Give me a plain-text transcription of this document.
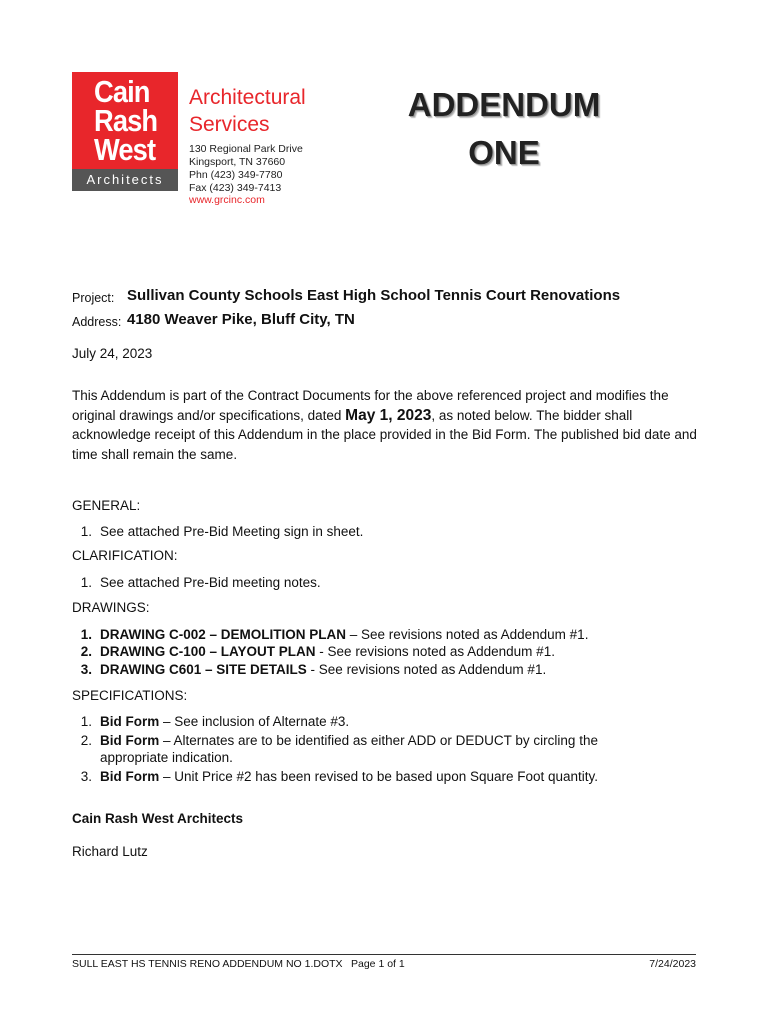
Cain
Rash
West
Architects
Architectural
Services
130 Regional Park Drive
Kingsport, TN 37660
Phn (423) 349-7780
Fax (423) 349-7413
www.grcinc.com
ADDENDUM
ONE
Project: Sullivan County Schools East High School Tennis Court Renovations
Address: 4180 Weaver Pike, Bluff City, TN
July 24, 2023
This Addendum is part of the Contract Documents for the above referenced project and modifies the original drawings and/or specifications, dated May 1, 2023, as noted below. The bidder shall acknowledge receipt of this Addendum in the place provided in the Bid Form. The published bid date and time shall remain the same.
GENERAL:
1. See attached Pre-Bid Meeting sign in sheet.
CLARIFICATION:
1. See attached Pre-Bid meeting notes.
DRAWINGS:
1. DRAWING C-002 – DEMOLITION PLAN – See revisions noted as Addendum #1.
2. DRAWING C-100 – LAYOUT PLAN - See revisions noted as Addendum #1.
3. DRAWING C601 – SITE DETAILS - See revisions noted as Addendum #1.
SPECIFICATIONS:
1. Bid Form – See inclusion of Alternate #3.
2. Bid Form – Alternates are to be identified as either ADD or DEDUCT by circling the appropriate indication.
3. Bid Form – Unit Price #2 has been revised to be based upon Square Foot quantity.
Cain Rash West Architects
Richard Lutz
SULL EAST HS TENNIS RENO ADDENDUM NO 1.DOTX Page 1 of 1	7/24/2023
